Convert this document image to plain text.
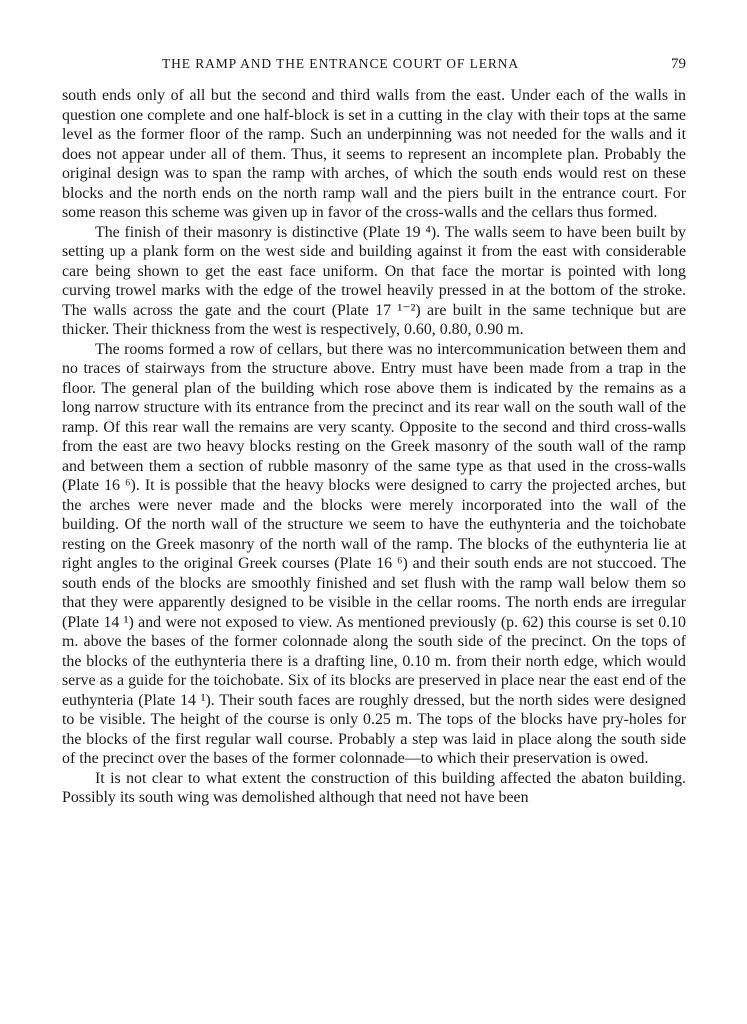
THE RAMP AND THE ENTRANCE COURT OF LERNA	79

south ends only of all but the second and third walls from the east. Under each of the walls in question one complete and one half-block is set in a cutting in the clay with their tops at the same level as the former floor of the ramp. Such an underpinning was not needed for the walls and it does not appear under all of them. Thus, it seems to represent an incomplete plan. Probably the original design was to span the ramp with arches, of which the south ends would rest on these blocks and the north ends on the north ramp wall and the piers built in the entrance court. For some reason this scheme was given up in favor of the cross-walls and the cellars thus formed.

The finish of their masonry is distinctive (Plate 19 ⁴). The walls seem to have been built by setting up a plank form on the west side and building against it from the east with considerable care being shown to get the east face uniform. On that face the mortar is pointed with long curving trowel marks with the edge of the trowel heavily pressed in at the bottom of the stroke. The walls across the gate and the court (Plate 17 ¹⁻²) are built in the same technique but are thicker. Their thickness from the west is respectively, 0.60, 0.80, 0.90 m.

The rooms formed a row of cellars, but there was no intercommunication between them and no traces of stairways from the structure above. Entry must have been made from a trap in the floor. The general plan of the building which rose above them is indicated by the remains as a long narrow structure with its entrance from the precinct and its rear wall on the south wall of the ramp. Of this rear wall the remains are very scanty. Opposite to the second and third cross-walls from the east are two heavy blocks resting on the Greek masonry of the south wall of the ramp and between them a section of rubble masonry of the same type as that used in the cross-walls (Plate 16 ⁶). It is possible that the heavy blocks were designed to carry the projected arches, but the arches were never made and the blocks were merely incorporated into the wall of the building. Of the north wall of the structure we seem to have the euthynteria and the toichobate resting on the Greek masonry of the north wall of the ramp. The blocks of the euthynteria lie at right angles to the original Greek courses (Plate 16 ⁶) and their south ends are not stuccoed. The south ends of the blocks are smoothly finished and set flush with the ramp wall below them so that they were apparently designed to be visible in the cellar rooms. The north ends are irregular (Plate 14 ¹) and were not exposed to view. As mentioned previously (p. 62) this course is set 0.10 m. above the bases of the former colonnade along the south side of the precinct. On the tops of the blocks of the euthynteria there is a drafting line, 0.10 m. from their north edge, which would serve as a guide for the toichobate. Six of its blocks are preserved in place near the east end of the euthynteria (Plate 14 ¹). Their south faces are roughly dressed, but the north sides were designed to be visible. The height of the course is only 0.25 m. The tops of the blocks have pry-holes for the blocks of the first regular wall course. Probably a step was laid in place along the south side of the precinct over the bases of the former colonnade—to which their preservation is owed.

It is not clear to what extent the construction of this building affected the abaton building. Possibly its south wing was demolished although that need not have been
